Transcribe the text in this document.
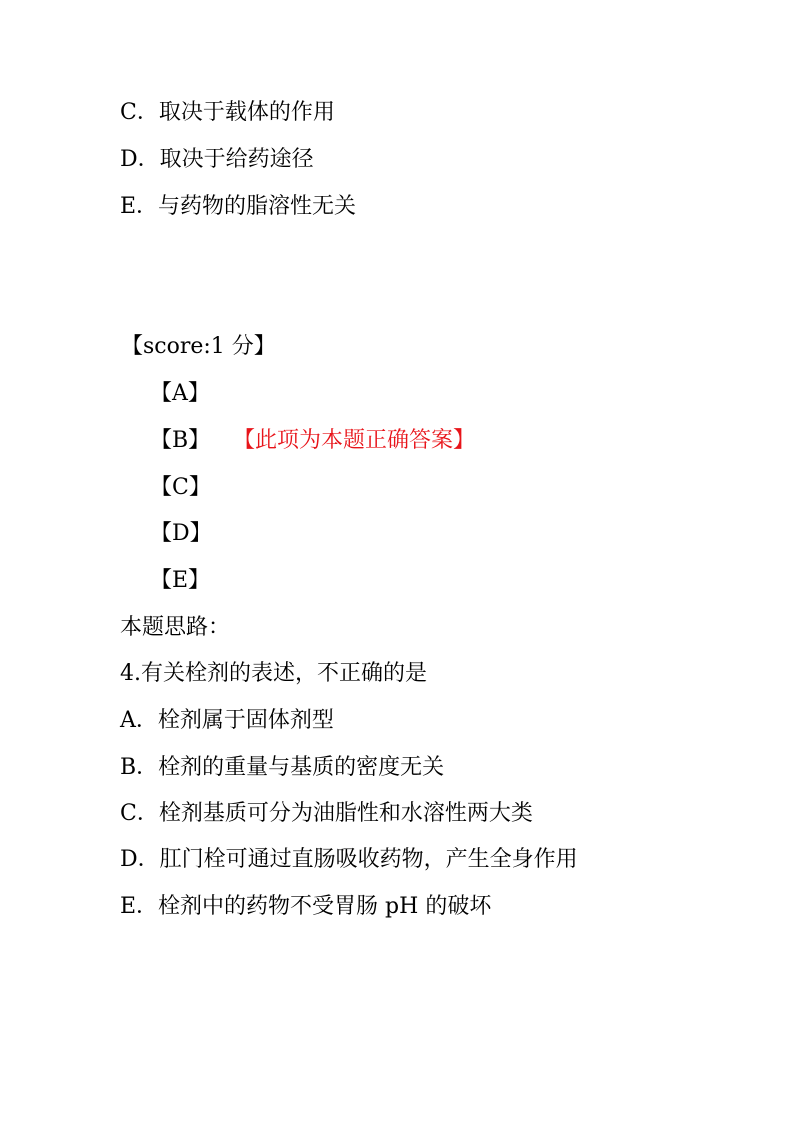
C．取决于载体的作用
D．取决于给药途径
E．与药物的脂溶性无关
【score:1 分】
【A】
【B】 【此项为本题正确答案】
【C】
【D】
【E】
本题思路：
4.有关栓剂的表述，不正确的是
A．栓剂属于固体剂型
B．栓剂的重量与基质的密度无关
C．栓剂基质可分为油脂性和水溶性两大类
D．肛门栓可通过直肠吸收药物，产生全身作用
E．栓剂中的药物不受胃肠 pH 的破坏
